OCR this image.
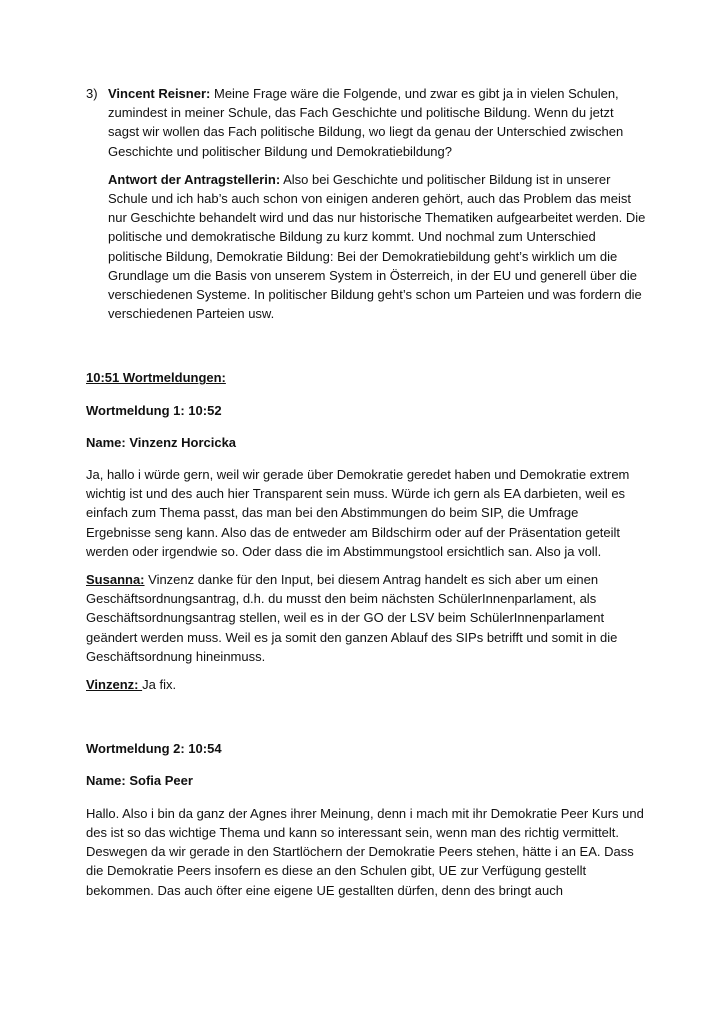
3) Vincent Reisner: Meine Frage wäre die Folgende, und zwar es gibt ja in vielen Schulen, zumindest in meiner Schule, das Fach Geschichte und politische Bildung. Wenn du jetzt sagst wir wollen das Fach politische Bildung, wo liegt da genau der Unterschied zwischen Geschichte und politischer Bildung und Demokratiebildung?

Antwort der Antragstellerin: Also bei Geschichte und politischer Bildung ist in unserer Schule und ich hab’s auch schon von einigen anderen gehört, auch das Problem das meist nur Geschichte behandelt wird und das nur historische Thematiken aufgearbeitet werden. Die politische und demokratische Bildung zu kurz kommt. Und nochmal zum Unterschied politische Bildung, Demokratie Bildung: Bei der Demokratiebildung geht’s wirklich um die Grundlage um die Basis von unserem System in Österreich, in der EU und generell über die verschiedenen Systeme. In politischer Bildung geht’s schon um Parteien und was fordern die verschiedenen Parteien usw.

10:51 Wortmeldungen:

Wortmeldung 1: 10:52

Name: Vinzenz Horcicka

Ja, hallo i würde gern, weil wir gerade über Demokratie geredet haben und Demokratie extrem wichtig ist und des auch hier Transparent sein muss. Würde ich gern als EA darbieten, weil es einfach zum Thema passt, das man bei den Abstimmungen do beim SIP, die Umfrage Ergebnisse seng kann. Also das de entweder am Bildschirm oder auf der Präsentation geteilt werden oder irgendwie so. Oder dass die im Abstimmungstool ersichtlich san. Also ja voll.

Susanna: Vinzenz danke für den Input, bei diesem Antrag handelt es sich aber um einen Geschäftsordnungsantrag, d.h. du musst den beim nächsten SchülerInnenparlament, als Geschäftsordnungsantrag stellen, weil es in der GO der LSV beim SchülerInnenparlament geändert werden muss. Weil es ja somit den ganzen Ablauf des SIPs betrifft und somit in die Geschäftsordnung hineinmuss.

Vinzenz: Ja fix.

Wortmeldung 2: 10:54

Name: Sofia Peer

Hallo. Also i bin da ganz der Agnes ihrer Meinung, denn i mach mit ihr Demokratie Peer Kurs und des ist so das wichtige Thema und kann so interessant sein, wenn man des richtig vermittelt. Deswegen da wir gerade in den Startlöchern der Demokratie Peers stehen, hätte i an EA. Dass die Demokratie Peers insofern es diese an den Schulen gibt, UE zur Verfügung gestellt bekommen. Das auch öfter eine eigene UE gestallten dürfen, denn des bringt auch
